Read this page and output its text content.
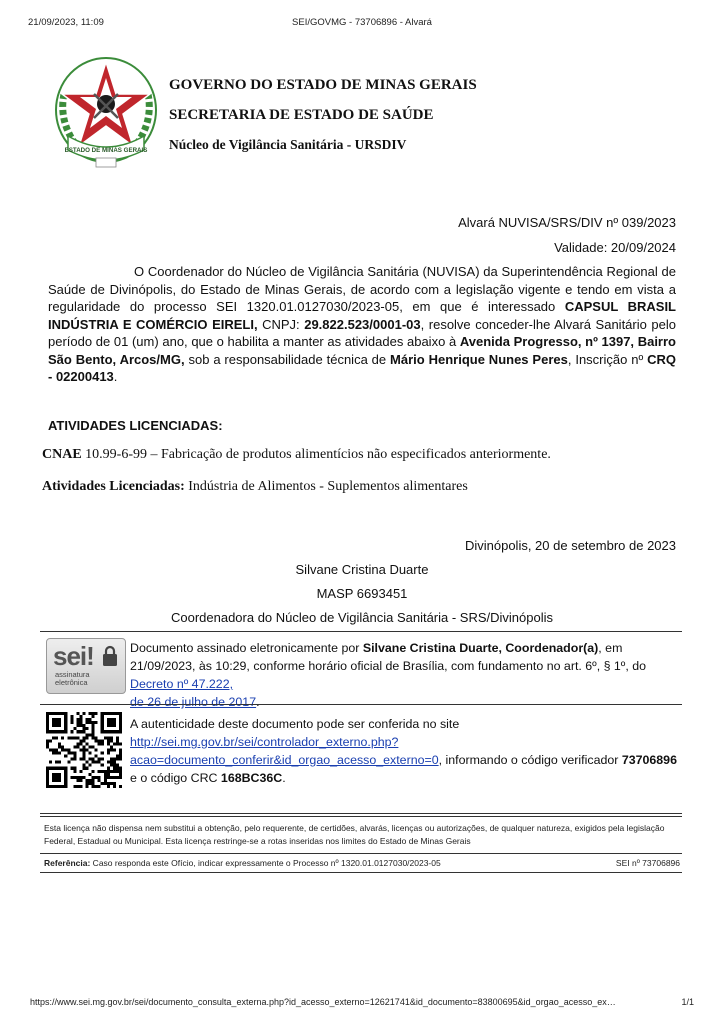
21/09/2023, 11:09	SEI/GOVMG - 73706896 - Alvará
ESTADO DE MINAS GERAIS
GOVERNO DO ESTADO DE MINAS GERAIS
SECRETARIA DE ESTADO DE SAÚDE
Núcleo de Vigilância Sanitária - URSDIV
Alvará NUVISA/SRS/DIV nº 039/2023
Validade: 20/09/2024
O Coordenador do Núcleo de Vigilância Sanitária (NUVISA) da Superintendência Regional de Saúde de Divinópolis, do Estado de Minas Gerais, de acordo com a legislação vigente e tendo em vista a regularidade do processo SEI 1320.01.0127030/2023-05, em que é interessado CAPSUL BRASIL INDÚSTRIA E COMÉRCIO EIRELI, CNPJ: 29.822.523/0001-03, resolve conceder-lhe Alvará Sanitário pelo período de 01 (um) ano, que o habilita a manter as atividades abaixo à Avenida Progresso, nº 1397, Bairro São Bento, Arcos/MG, sob a responsabilidade técnica de Mário Henrique Nunes Peres, Inscrição nº CRQ - 02200413.
ATIVIDADES LICENCIADAS:
CNAE 10.99-6-99 – Fabricação de produtos alimentícios não especificados anteriormente.
Atividades Licenciadas: Indústria de Alimentos - Suplementos alimentares
Divinópolis, 20 de setembro de 2023
Silvane Cristina Duarte
MASP 6693451
Coordenadora do Núcleo de Vigilância Sanitária - SRS/Divinópolis
sei!
assinatura
eletrônica
Documento assinado eletronicamente por Silvane Cristina Duarte, Coordenador(a), em 21/09/2023, às 10:29, conforme horário oficial de Brasília, com fundamento no art. 6º, § 1º, do Decreto nº 47.222,
de 26 de julho de 2017.
A autenticidade deste documento pode ser conferida no site
http://sei.mg.gov.br/sei/controlador_externo.php?
acao=documento_conferir&id_orgao_acesso_externo=0, informando o código verificador 73706896 e o código CRC 168BC36C.
Esta licença não dispensa nem substitui a obtenção, pelo requerente, de certidões, alvarás, licenças ou autorizações, de qualquer natureza, exigidos pela legislação Federal, Estadual ou Municipal. Esta licença restringe-se a rotas inseridas nos limites do Estado de Minas Gerais
Referência: Caso responda este Ofício, indicar expressamente o Processo nº 1320.01.0127030/2023-05	SEI nº 73706896
https://www.sei.mg.gov.br/sei/documento_consulta_externa.php?id_acesso_externo=12621741&id_documento=83800695&id_orgao_acesso_ex…	1/1
